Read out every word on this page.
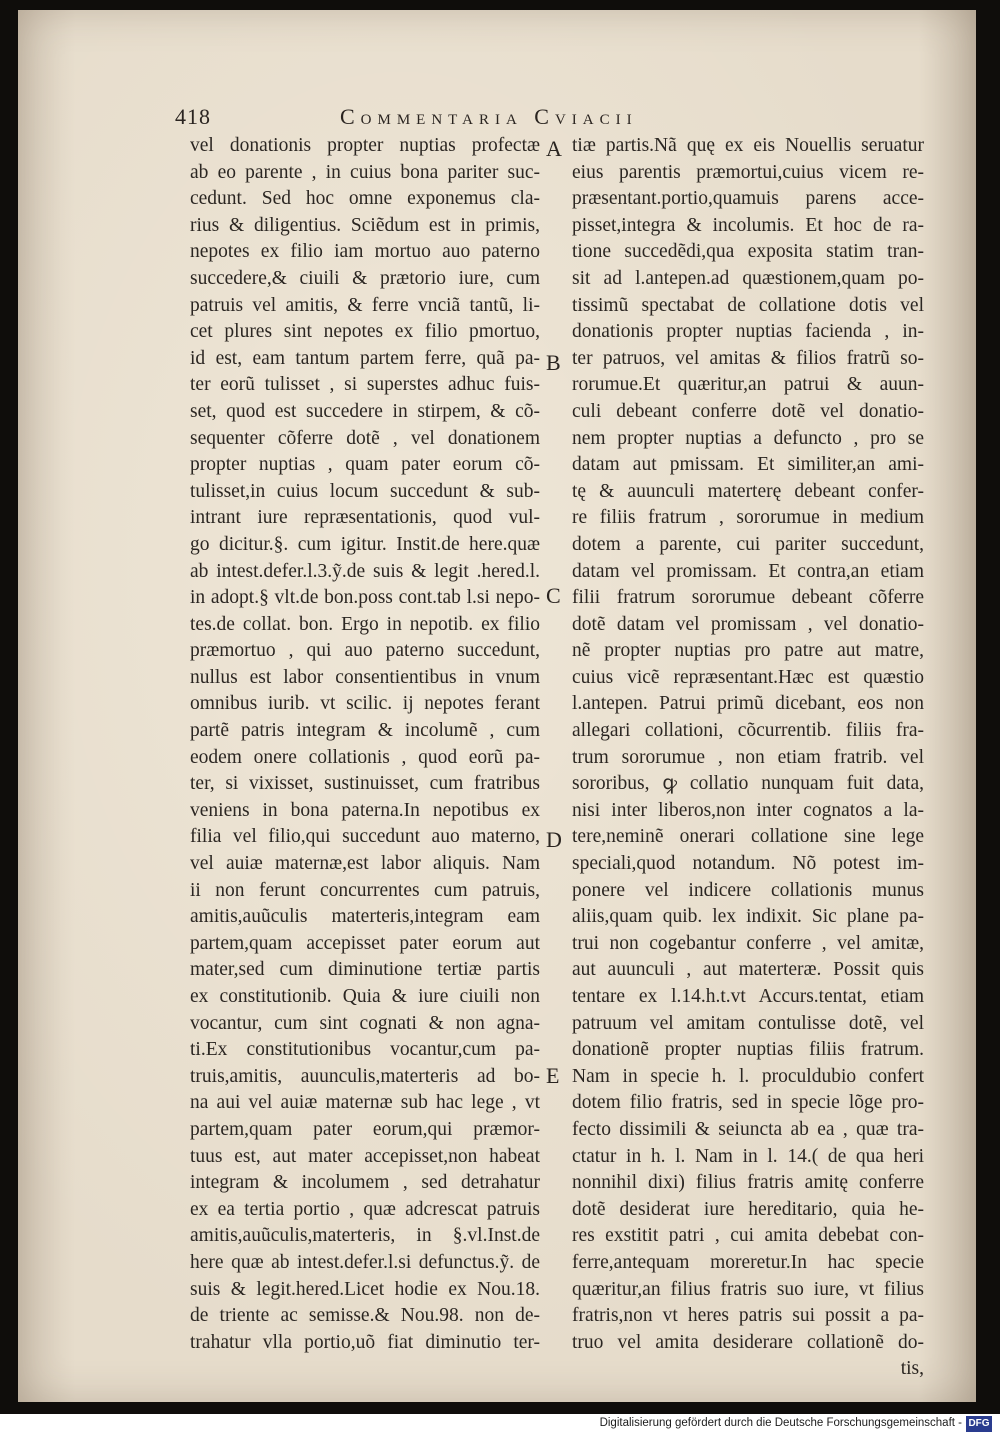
418	Commentaria Cviacii
vel donationis propter nuptias profectæ
ab eo parente , in cuius bona pariter suc-
cedunt. Sed hoc omne exponemus cla-
rius & diligentius. Sciẽdum est in primis,
nepotes ex filio iam mortuo auo paterno
succedere,& ciuili & prætorio iure, cum
patruis vel amitis, & ferre vnciã tantũ, li-
cet plures sint nepotes ex filio pmortuo,
id est, eam tantum partem ferre, quã pa-
ter eorũ tulisset , si superstes adhuc fuis-
set, quod est succedere in stirpem, & cõ-
sequenter cõferre dotẽ , vel donationem
propter nuptias , quam pater eorum cõ-
tulisset,in cuius locum succedunt & sub-
intrant iure repræsentationis, quod vul-
go dicitur.§. cum igitur. Instit.de here.quæ
ab intest.defer.l.3.ỹ.de suis & legit .hered.l.
in adopt.§ vlt.de bon.poss cont.tab l.si nepo-
tes.de collat. bon. Ergo in nepotib. ex filio
præmortuo , qui auo paterno succedunt,
nullus est labor consentientibus in vnum
omnibus iurib. vt scilic. ij nepotes ferant
partẽ patris integram & incolumẽ , cum
eodem onere collationis , quod eorũ pa-
ter, si vixisset, sustinuisset, cum fratribus
veniens in bona paterna.In nepotibus ex
filia vel filio,qui succedunt auo materno,
vel auiæ maternæ,est labor aliquis. Nam
ii non ferunt concurrentes cum patruis,
amitis,auũculis materteris,integram eam
partem,quam accepisset pater eorum aut
mater,sed cum diminutione tertiæ partis
ex constitutionib. Quia & iure ciuili non
vocantur, cum sint cognati & non agna-
ti.Ex constitutionibus vocantur,cum pa-
truis,amitis, auunculis,materteris ad bo-
na aui vel auiæ maternæ sub hac lege , vt
partem,quam pater eorum,qui præmor-
tuus est, aut mater accepisset,non habeat
integram & incolumem , sed detrahatur
ex ea tertia portio , quæ adcrescat patruis
amitis,auũculis,materteris, in §.vl.Inst.de
here quæ ab intest.defer.l.si defunctus.ỹ. de
suis & legit.hered.Licet hodie ex Nou.18.
de triente ac semisse.& Nou.98. non de-
trahatur vlla portio,uõ fiat diminutio ter-
tiæ partis.Nã quę ex eis Nouellis seruatur
eius parentis præmortui,cuius vicem re-
præsentant.portio,quamuis parens acce-
pisset,integra & incolumis. Et hoc de ra-
tione succedẽdi,qua exposita statim tran-
sit ad l.antepen.ad quæstionem,quam po-
tissimũ spectabat de collatione dotis vel
donationis propter nuptias facienda , in-
ter patruos, vel amitas & filios fratrũ so-
rorumue.Et quæritur,an patrui & auun-
culi debeant conferre dotẽ vel donatio-
nem propter nuptias a defuncto , pro se
datam aut pmissam. Et similiter,an ami-
tę & auunculi materterę debeant confer-
re filiis fratrum , sororumue in medium
dotem a parente, cui pariter succedunt,
datam vel promissam. Et contra,an etiam
filii fratrum sororumue debeant cõferre
dotẽ datam vel promissam , vel donatio-
nẽ propter nuptias pro patre aut matre,
cuius vicẽ repræsentant.Hæc est quæstio
l.antepen. Patrui primũ dicebant, eos non
allegari collationi, cõcurrentib. filiis fra-
trum sororumue , non etiam fratrib. vel
sororibus, ꝙ collatio nunquam fuit data,
nisi inter liberos,non inter cognatos a la-
tere,neminẽ onerari collatione sine lege
speciali,quod notandum. Nõ potest im-
ponere vel indicere collationis munus
aliis,quam quib. lex indixit. Sic plane pa-
trui non cogebantur conferre , vel amitæ,
aut auunculi , aut materteræ. Possit quis
tentare ex l.14.h.t.vt Accurs.tentat, etiam
patruum vel amitam contulisse dotẽ, vel
donationẽ propter nuptias filiis fratrum.
Nam in specie h. l. proculdubio confert
dotem filio fratris, sed in specie lõge pro-
fecto dissimili & seiuncta ab ea , quæ tra-
ctatur in h. l. Nam in l. 14.( de qua heri
nonnihil dixi) filius fratris amitę conferre
dotẽ desiderat iure hereditario, quia he-
res exstitit patri , cui amita debebat con-
ferre,antequam moreretur.In hac specie
quæritur,an filius fratris suo iure, vt filius
fratris,non vt heres patris sui possit a pa-
truo vel amita desiderare collationẽ do-
tis,
A
B
C
D
E
Digitalisierung gefördert durch die Deutsche Forschungsgemeinschaft - DFG
